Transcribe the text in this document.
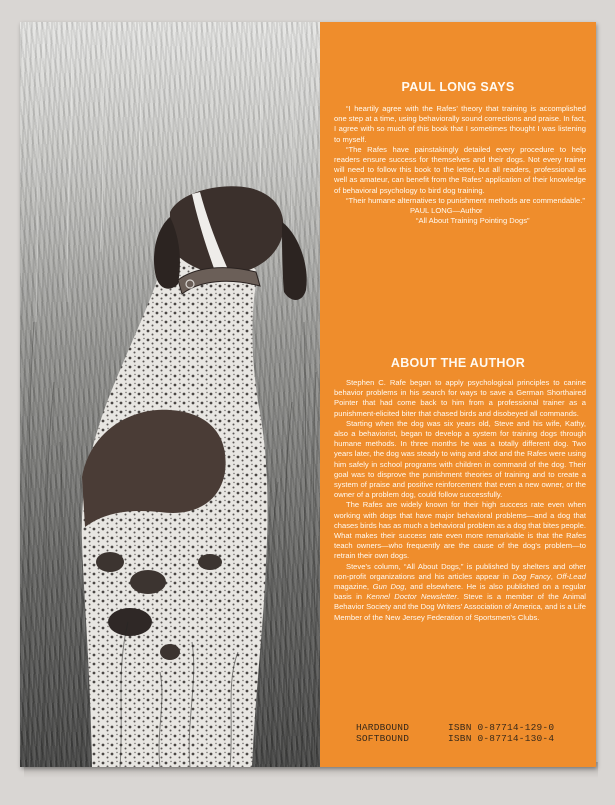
PAUL LONG SAYS

“I heartily agree with the Rafes’ theory that training is accomplished one step at a time, using behaviorally sound corrections and praise. In fact, I agree with so much of this book that I sometimes thought I was listening to myself.

“The Rafes have painstakingly detailed every procedure to help readers ensure success for themselves and their dogs. Not every trainer will need to follow this book to the letter, but all readers, professional as well as amateur, can benefit from the Rafes’ application of their knowledge of behavioral psychology to bird dog training.

“Their humane alternatives to punishment methods are commendable.”

PAUL LONG—Author
“All About Training Pointing Dogs”
ABOUT THE AUTHOR

Stephen C. Rafe began to apply psychological principles to canine behavior problems in his search for ways to save a German Shorthaired Pointer that had come back to him from a professional trainer as a punishment-elicited biter that chased birds and disobeyed all commands.

Starting when the dog was six years old, Steve and his wife, Kathy, also a behaviorist, began to develop a system for training dogs through humane methods. In three months he was a totally different dog. Two years later, the dog was steady to wing and shot and the Rafes were using him safely in school programs with children in command of the dog. Their goal was to disprove the punishment theories of training and to create a system of praise and positive reinforcement that even a new owner, or the owner of a problem dog, could follow successfully.

The Rafes are widely known for their high success rate even when working with dogs that have major behavioral problems—and a dog that chases birds has as much a behavioral problem as a dog that bites people. What makes their success rate even more remarkable is that the Rafes teach owners—who frequently are the cause of the dog’s problem—to retrain their own dogs.

Steve’s column, “All About Dogs,” is published by shelters and other non-profit organizations and his articles appear in Dog Fancy, Off-Lead magazine, Gun Dog, and elsewhere. He is also published on a regular basis in Kennel Doctor Newsletter. Steve is a member of the Animal Behavior Society and the Dog Writers’ Association of America, and is a Life Member of the New Jersey Federation of Sportsmen’s Clubs.

HARDBOUND	ISBN 0-87714-129-0
SOFTBOUND	ISBN 0-87714-130-4
